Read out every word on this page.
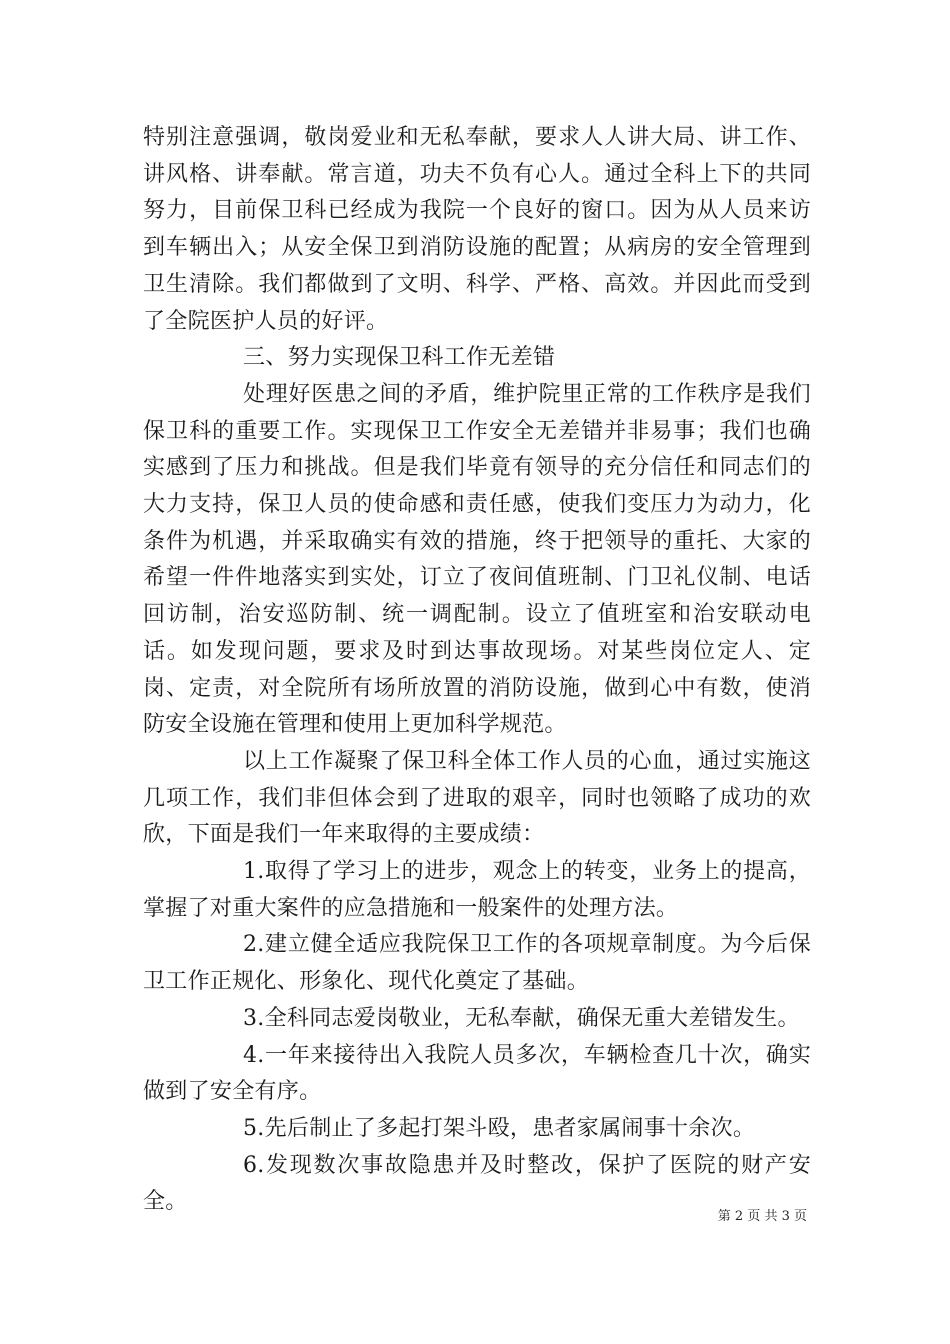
特别注意强调，敬岗爱业和无私奉献，要求人人讲大局、讲工作、讲风格、讲奉献。常言道，功夫不负有心人。通过全科上下的共同努力，目前保卫科已经成为我院一个良好的窗口。因为从人员来访到车辆出入；从安全保卫到消防设施的配置；从病房的安全管理到卫生清除。我们都做到了文明、科学、严格、高效。并因此而受到了全院医护人员的好评。

三、努力实现保卫科工作无差错

处理好医患之间的矛盾，维护院里正常的工作秩序是我们保卫科的重要工作。实现保卫工作安全无差错并非易事；我们也确实感到了压力和挑战。但是我们毕竟有领导的充分信任和同志们的大力支持，保卫人员的使命感和责任感，使我们变压力为动力，化条件为机遇，并采取确实有效的措施，终于把领导的重托、大家的希望一件件地落实到实处，订立了夜间值班制、门卫礼仪制、电话回访制，治安巡防制、统一调配制。设立了值班室和治安联动电话。如发现问题，要求及时到达事故现场。对某些岗位定人、定岗、定责，对全院所有场所放置的消防设施，做到心中有数，使消防安全设施在管理和使用上更加科学规范。

以上工作凝聚了保卫科全体工作人员的心血，通过实施这几项工作，我们非但体会到了进取的艰辛，同时也领略了成功的欢欣，下面是我们一年来取得的主要成绩：

1.取得了学习上的进步，观念上的转变，业务上的提高，掌握了对重大案件的应急措施和一般案件的处理方法。

2.建立健全适应我院保卫工作的各项规章制度。为今后保卫工作正规化、形象化、现代化奠定了基础。

3.全科同志爱岗敬业，无私奉献，确保无重大差错发生。

4.一年来接待出入我院人员多次，车辆检查几十次，确实做到了安全有序。

5.先后制止了多起打架斗殴，患者家属闹事十余次。

6.发现数次事故隐患并及时整改，保护了医院的财产安全。

第 2 页 共 3 页
